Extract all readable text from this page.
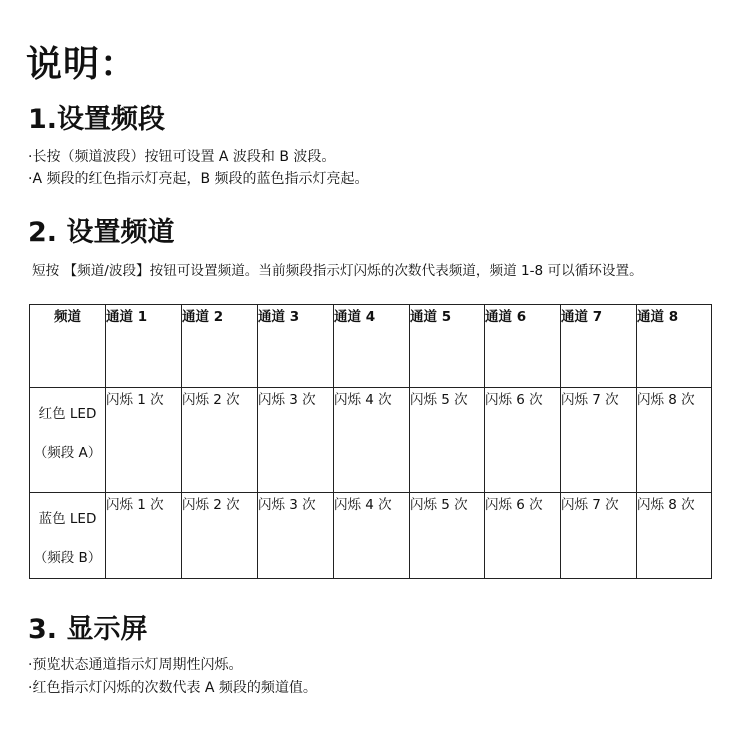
说明：
1.设置频段
·长按（频道波段）按钮可设置 A 波段和 B 波段。
·A 频段的红色指示灯亮起，B 频段的蓝色指示灯亮起。
2. 设置频道
短按 【频道/波段】按钮可设置频道。当前频段指示灯闪烁的次数代表频道，频道 1-8 可以循环设置。
频道	通道 1	通道 2	通道 3	通道 4	通道 5	通道 6	通道 7	通道 8

红色 LED
（频段 A）	闪烁 1 次	闪烁 2 次	闪烁 3 次	闪烁 4 次	闪烁 5 次	闪烁 6 次	闪烁 7 次	闪烁 8 次

蓝色 LED
（频段 B）	闪烁 1 次	闪烁 2 次	闪烁 3 次	闪烁 4 次	闪烁 5 次	闪烁 6 次	闪烁 7 次	闪烁 8 次
3. 显示屏
·预览状态通道指示灯周期性闪烁。
·红色指示灯闪烁的次数代表 A 频段的频道值。
